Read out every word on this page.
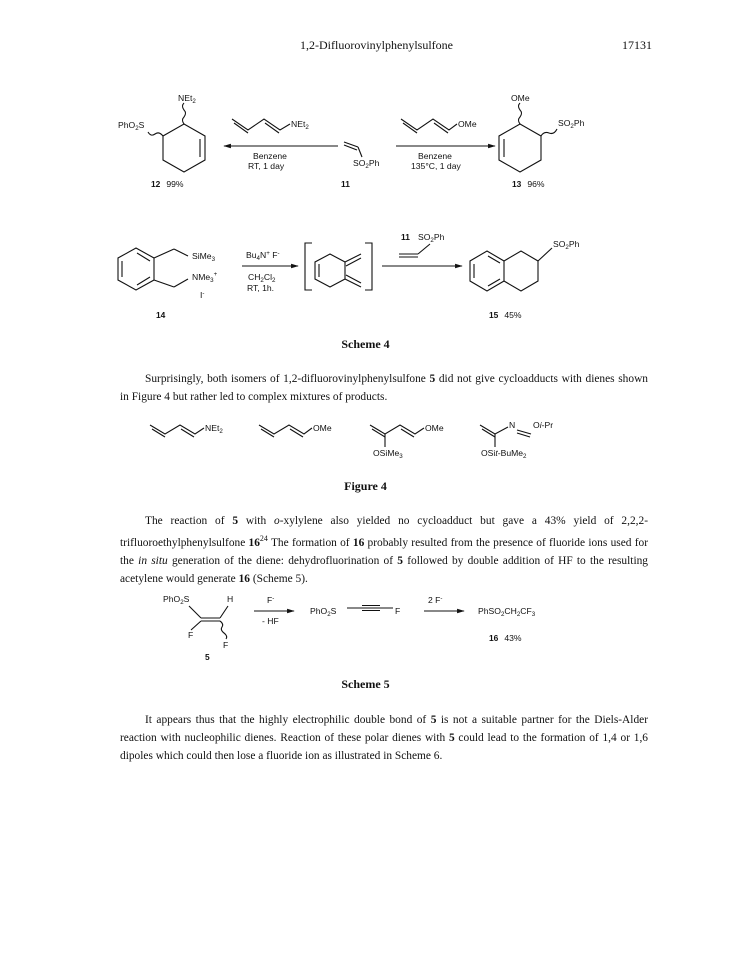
1,2-Difluorovinylphenylsulfone	17131
NEt$_2$
PhO$_2$S
12 99%
NEt$_2$
Benzene
RT, 1 day	$SO_2Ph$
11
OMe
Benzene
135°C, 1 day
OMe
$SO_2Ph$
13 96%
SiMe$_3$
NMe$_3$+
I-
14
$Bu_4N^+$ F-
$CH_2Cl_2$
RT, 1h.
11 $SO_2Ph$
$SO_2Ph$
15 45%
NEt$_2$	OMe	OMe
OSiMe$_3$
N Oi-Pr
OSit-BuMe$_2$
PhO$_2$S	H
F
F
5
F-
- HF
PhO$_2$S	F
2 F-
$PhSO_2CH_2CF_3$
16 43%
Scheme 4
Surprisingly, both isomers of 1,2-difluorovinylphenylsulfone 5 did not give cycloadducts with dienes shown in Figure 4 but rather led to complex mixtures of products.
Figure 4
The reaction of 5 with o-xylylene also yielded no cycloadduct but gave a 43% yield of 2,2,2-trifluoroethylphenylsulfone $16^{24}$ The formation of 16 probably resulted from the presence of fluoride ions used for the in situ generation of the diene: dehydrofluorination of 5 followed by double addition of HF to the resulting acetylene would generate 16 (Scheme 5).
Scheme 5
It appears thus that the highly electrophilic double bond of 5 is not a suitable partner for the Diels-Alder reaction with nucleophilic dienes. Reaction of these polar dienes with 5 could lead to the formation of 1,4 or 1,6 dipoles which could then lose a fluoride ion as illustrated in Scheme 6.
